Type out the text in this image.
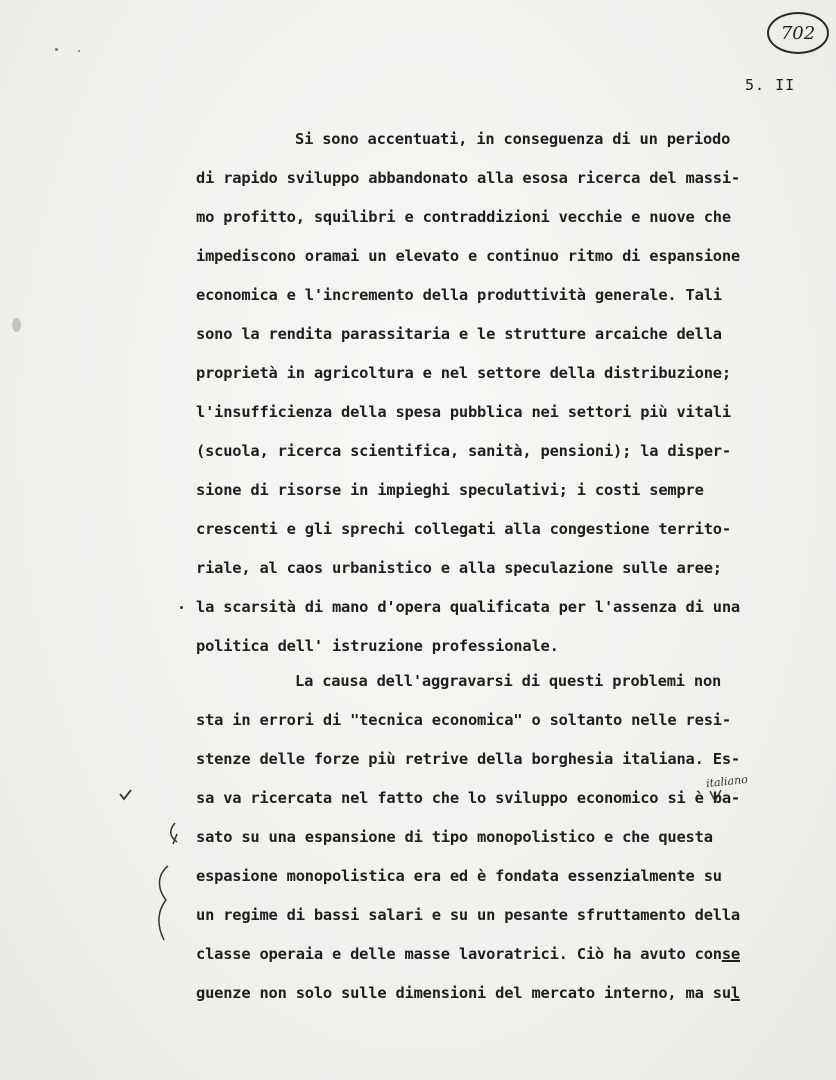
702
5. II
Si sono accentuati, in conseguenza di un periodo
di rapido sviluppo abbandonato alla esosa ricerca del massi-
mo profitto, squilibri e contraddizioni vecchie e nuove che
impediscono oramai un elevato e continuo ritmo di espansione
economica e l'incremento della produttività generale. Tali
sono la rendita parassitaria e le strutture arcaiche della
proprietà in agricoltura e nel settore della distribuzione;
l'insufficienza della spesa pubblica nei settori più vitali
(scuola, ricerca scientifica, sanità, pensioni); la disper-
sione di risorse in impieghi speculativi; i costi sempre
crescenti e gli sprechi collegati alla congestione territo-
riale, al caos urbanistico e alla speculazione sulle aree;
la scarsità di mano d'opera qualificata per l'assenza di una
politica dell' istruzione professionale.
La causa dell'aggravarsi di questi problemi non
sta in errori di "tecnica economica" o soltanto nelle resi-
stenze delle forze più retrive della borghesia italiana. Es-
sa va ricercata nel fatto che lo sviluppo economico si è ba-
sato su una espansione di tipo monopolistico e che questa
espasione monopolistica era ed è fondata essenzialmente su
un regime di bassi salari e su un pesante sfruttamento della
classe operaia e delle masse lavoratrici. Ciò ha avuto conse
guenze non solo sulle dimensioni del mercato interno, ma sul
italiano
